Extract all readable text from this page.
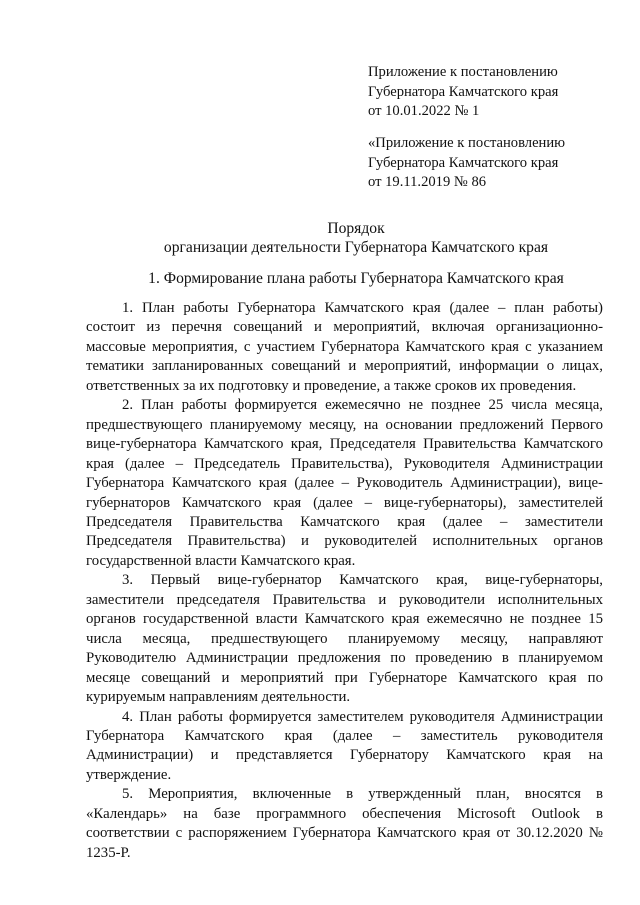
Приложение к постановлению
Губернатора Камчатского края
от 10.01.2022 № 1
«Приложение к постановлению
Губернатора Камчатского края
от 19.11.2019 № 86
Порядок
организации деятельности Губернатора Камчатского края
1. Формирование плана работы Губернатора Камчатского края

1. План работы Губернатора Камчатского края (далее – план работы) состоит из перечня совещаний и мероприятий, включая организационно-массовые мероприятия, с участием Губернатора Камчатского края с указанием тематики запланированных совещаний и мероприятий, информации о лицах, ответственных за их подготовку и проведение, а также сроков их проведения.

2. План работы формируется ежемесячно не позднее 25 числа месяца, предшествующего планируемому месяцу, на основании предложений Первого вице-губернатора Камчатского края, Председателя Правительства Камчатского края (далее – Председатель Правительства), Руководителя Администрации Губернатора Камчатского края (далее – Руководитель Администрации), вице-губернаторов Камчатского края (далее – вице-губернаторы), заместителей Председателя Правительства Камчатского края (далее – заместители Председателя Правительства) и руководителей исполнительных органов государственной власти Камчатского края.

3. Первый вице-губернатор Камчатского края, вице-губернаторы, заместители председателя Правительства и руководители исполнительных органов государственной власти Камчатского края ежемесячно не позднее 15 числа месяца, предшествующего планируемому месяцу, направляют Руководителю Администрации предложения по проведению в планируемом месяце совещаний и мероприятий при Губернаторе Камчатского края по курируемым направлениям деятельности.

4. План работы формируется заместителем руководителя Администрации Губернатора Камчатского края (далее – заместитель руководителя Администрации) и представляется Губернатору Камчатского края на утверждение.

5. Мероприятия, включенные в утвержденный план, вносятся в «Календарь» на базе программного обеспечения Microsoft Outlook в соответствии с распоряжением Губернатора Камчатского края от 30.12.2020 № 1235-Р.
